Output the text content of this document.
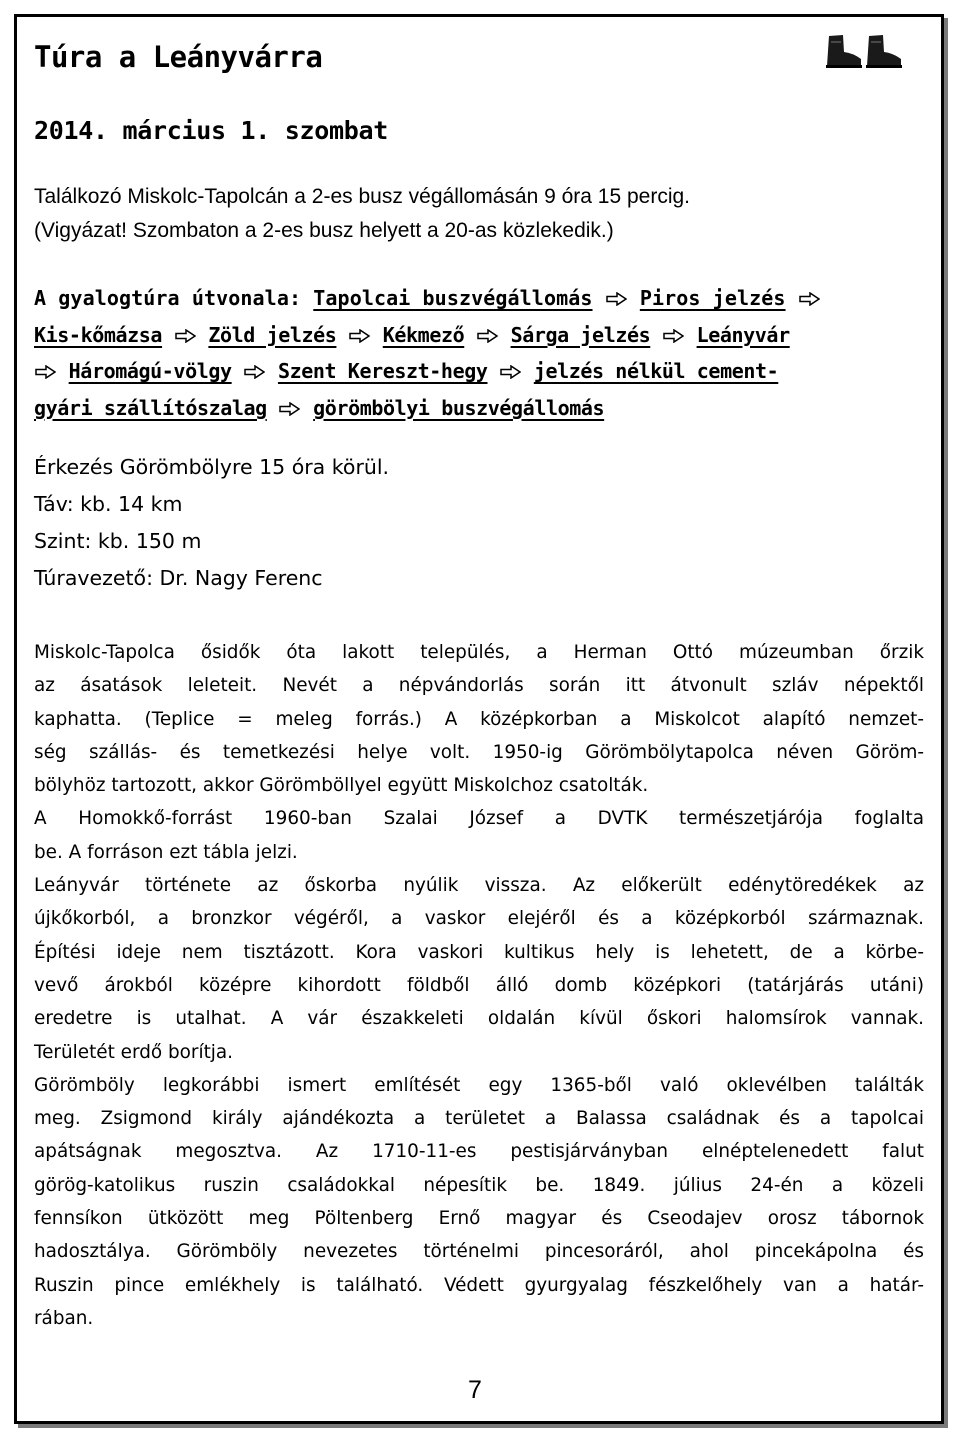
Túra a Leányvárra
2014. március 1. szombat
Találkozó Miskolc-Tapolcán a 2-es busz végállomásán 9 óra 15 percig.
(Vigyázat! Szombaton a 2-es busz helyett a 20-as közlekedik.)
A gyalogtúra útvonala: Tapolcai buszvégállomás Piros jelzés
Kis-kőmázsa Zöld jelzés Kékmező Sárga jelzés Leányvár
Háromágú-völgy Szent Kereszt-hegy jelzés nélkül cement-
gyári szállítószalag görömbölyi buszvégállomás
Érkezés Görömbölyre 15 óra körül.
Táv: kb. 14 km
Szint: kb. 150 m
Túravezető: Dr. Nagy Ferenc
Miskolc-Tapolca ősidők óta lakott település, a Herman Ottó múzeumban őrzik
az ásatások leleteit. Nevét a népvándorlás során itt átvonult szláv népektől
kaphatta. (Teplice = meleg forrás.) A középkorban a Miskolcot alapító nemzet-
ség szállás- és temetkezési helye volt. 1950-ig Görömbölytapolca néven Göröm-
bölyhöz tartozott, akkor Görömböllyel együtt Miskolchoz csatolták.
A Homokkő-forrást 1960-ban Szalai József a DVTK természetjárója foglalta
be. A forráson ezt tábla jelzi.
Leányvár története az őskorba nyúlik vissza. Az előkerült edénytöredékek az
újkőkorból, a bronzkor végéről, a vaskor elejéről és a középkorból származnak.
Építési ideje nem tisztázott. Kora vaskori kultikus hely is lehetett, de a körbe-
vevő árokból középre kihordott földből álló domb középkori (tatárjárás utáni)
eredetre is utalhat. A vár északkeleti oldalán kívül őskori halomsírok vannak.
Területét erdő borítja.
Görömböly legkorábbi ismert említését egy 1365-ből való oklevélben találták
meg. Zsigmond király ajándékozta a területet a Balassa családnak és a tapolcai
apátságnak megosztva. Az 1710-11-es pestisjárványban elnéptelenedett falut
görög-katolikus ruszin családokkal népesítik be. 1849. július 24-én a közeli
fennsíkon ütközött meg Pöltenberg Ernő magyar és Cseodajev orosz tábornok
hadosztálya. Görömböly nevezetes történelmi pincesoráról, ahol pincekápolna és
Ruszin pince emlékhely is található. Védett gyurgyalag fészkelőhely van a határ-
rában.
7
